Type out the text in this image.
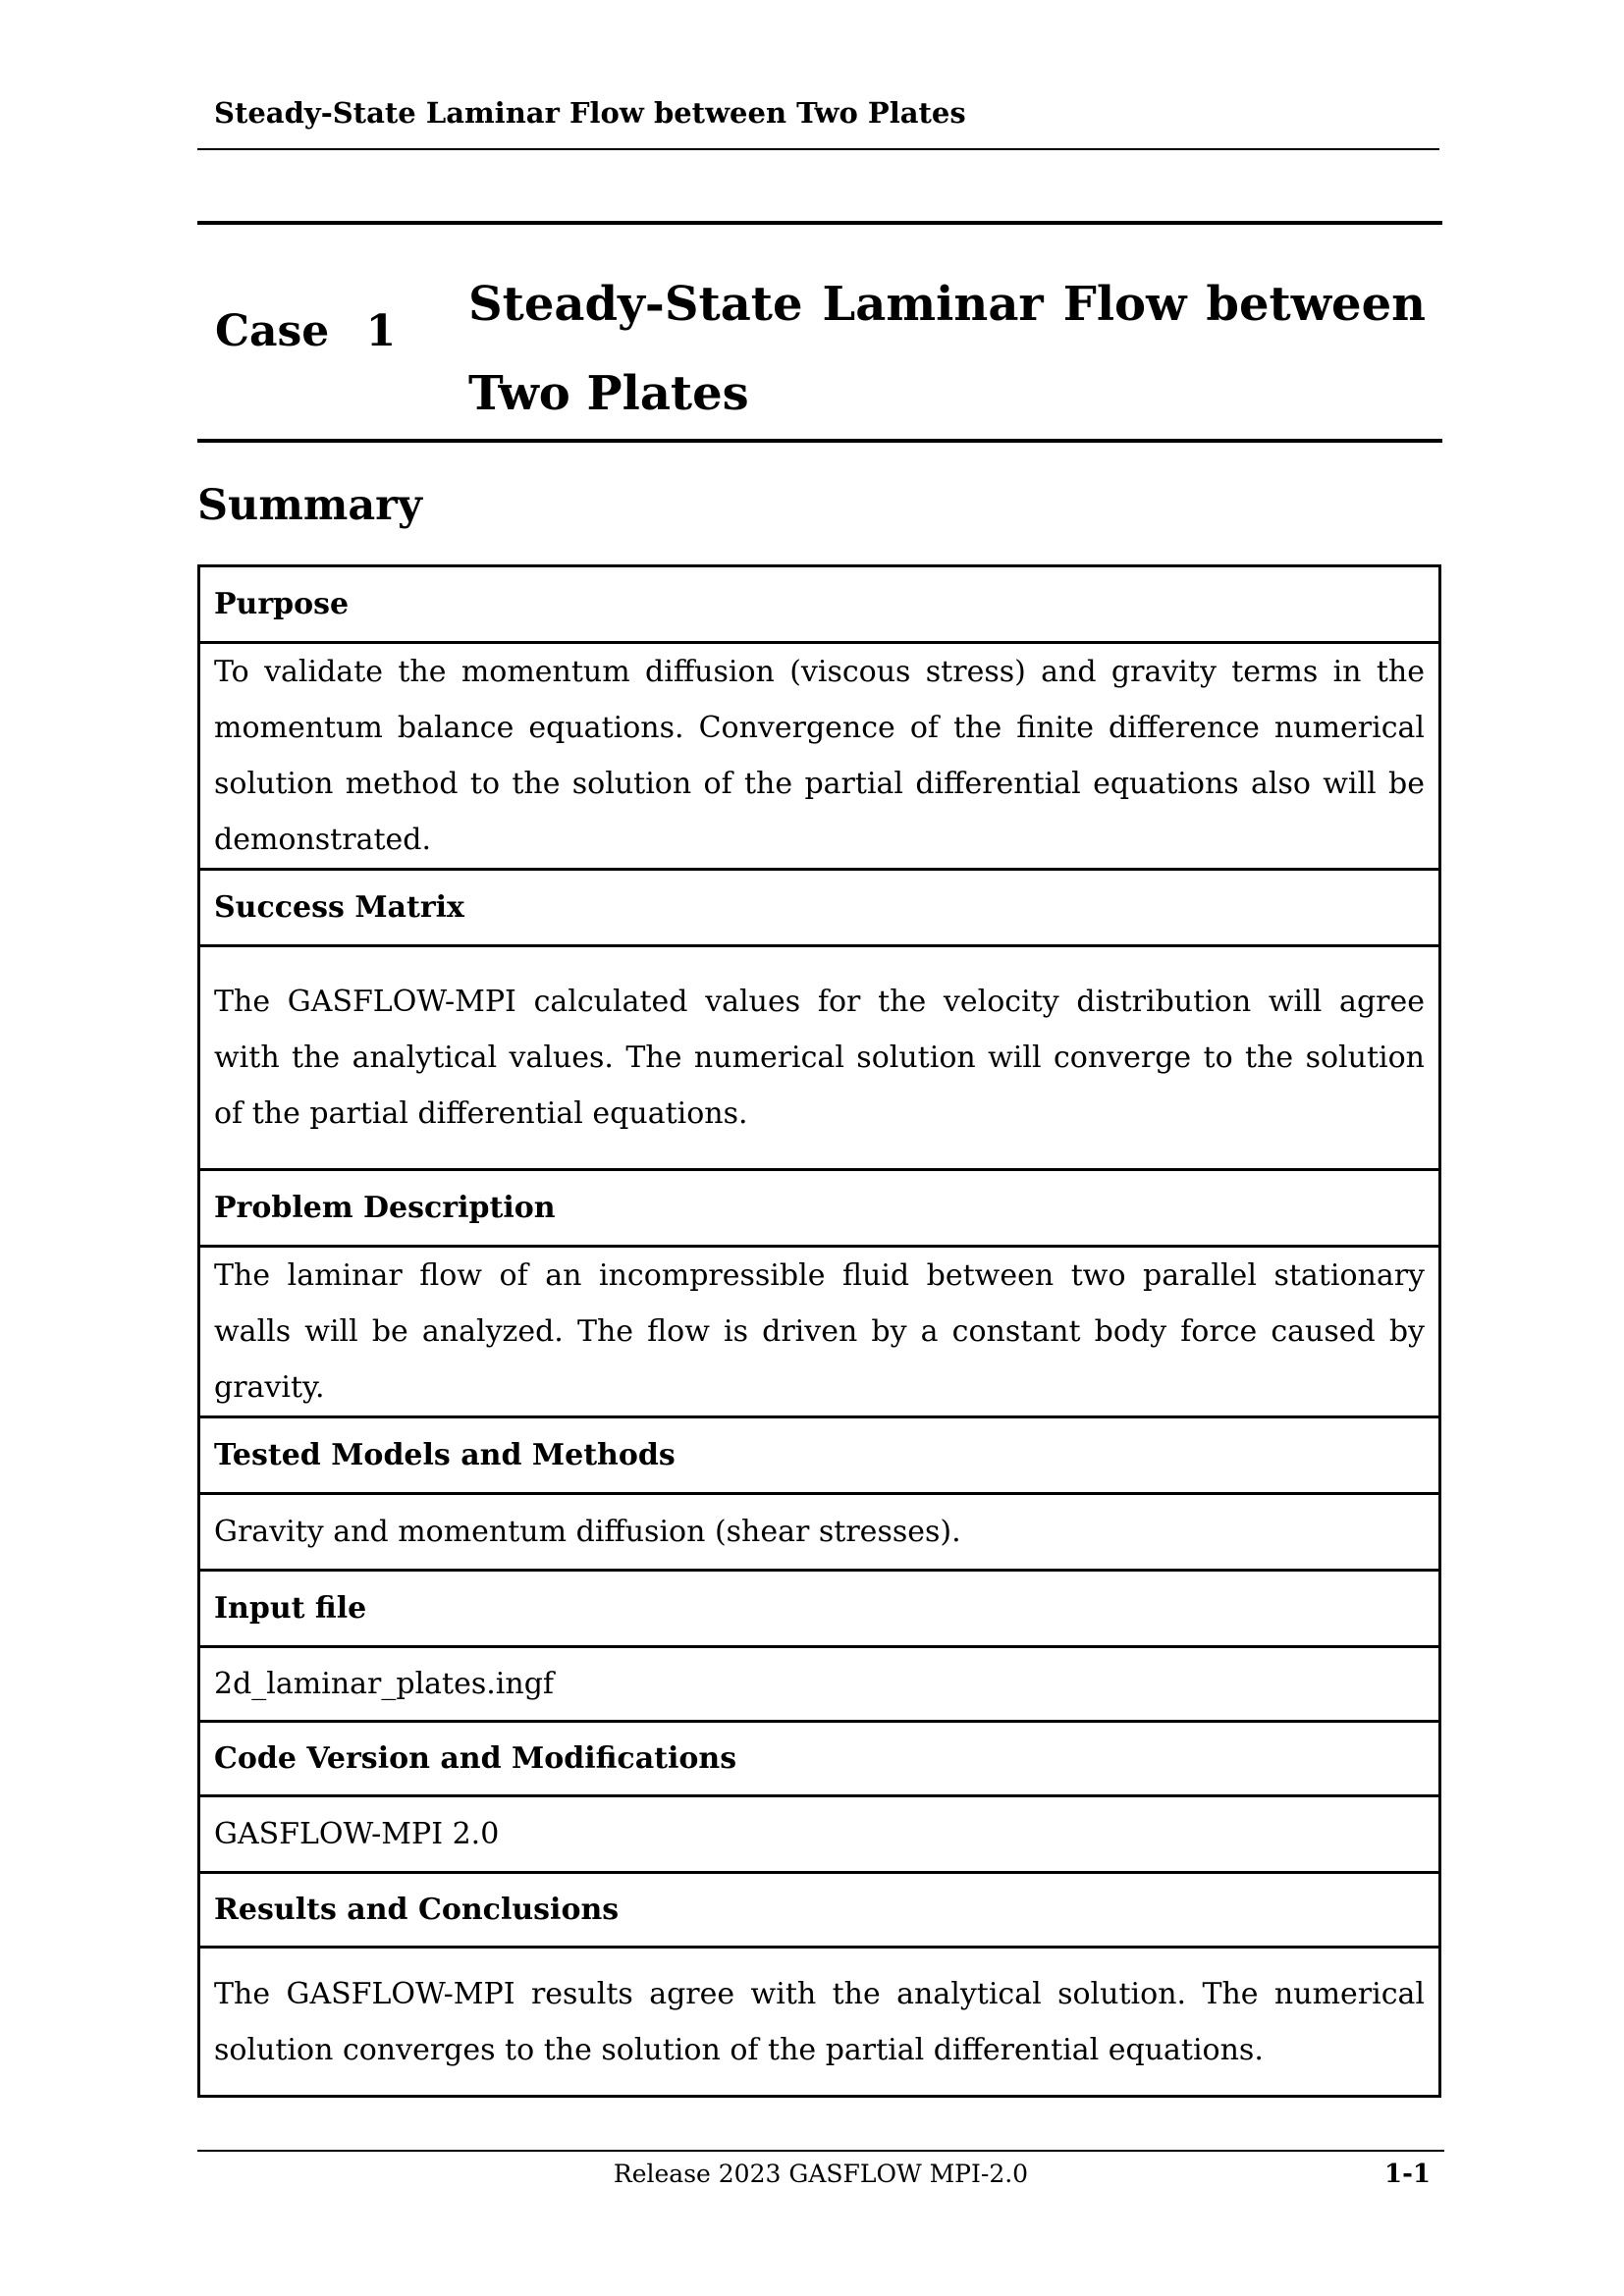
Steady-State Laminar Flow between Two Plates
Case 1 Steady-State Laminar Flow between Two Plates
Summary
Purpose
To validate the momentum diffusion (viscous stress) and gravity terms in the momentum balance equations. Convergence of the finite difference numerical solution method to the solution of the partial differential equations also will be demonstrated.
Success Matrix
The GASFLOW-MPI calculated values for the velocity distribution will agree with the analytical values. The numerical solution will converge to the solution of the partial differential equations.
Problem Description
The laminar flow of an incompressible fluid between two parallel stationary walls will be analyzed. The flow is driven by a constant body force caused by gravity.
Tested Models and Methods
Gravity and momentum diffusion (shear stresses).
Input file
2d_laminar_plates.ingf
Code Version and Modifications
GASFLOW-MPI 2.0
Results and Conclusions
The GASFLOW-MPI results agree with the analytical solution. The numerical solution converges to the solution of the partial differential equations.
Release 2023 GASFLOW MPI-2.0	1-1
